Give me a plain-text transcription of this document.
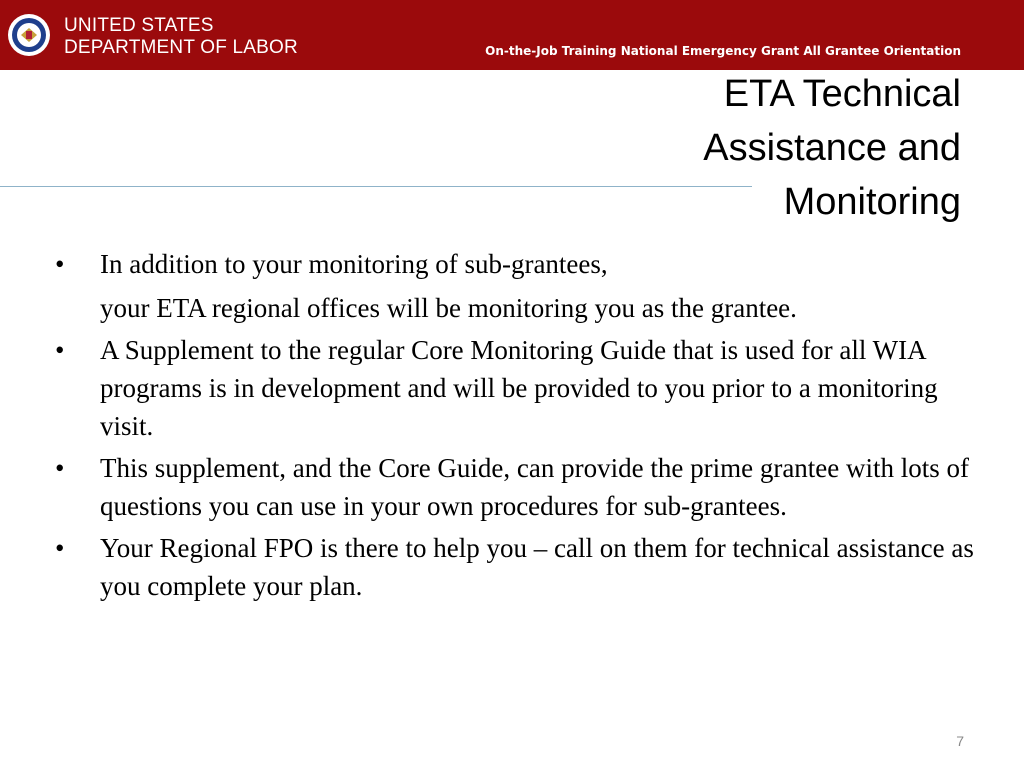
UNITED STATES
DEPARTMENT OF LABOR	On-the-Job Training National Emergency Grant All Grantee Orientation
ETA Technical
Assistance and
Monitoring
• In addition to your monitoring of sub-grantees,
your ETA regional offices will be monitoring you as the grantee.
• A Supplement to the regular Core Monitoring Guide that is used for all WIA programs is in development and will be provided to you prior to a monitoring visit.
• This supplement, and the Core Guide, can provide the prime grantee with lots of questions you can use in your own procedures for sub-grantees.
• Your Regional FPO is there to help you – call on them for technical assistance as you complete your plan.
7
